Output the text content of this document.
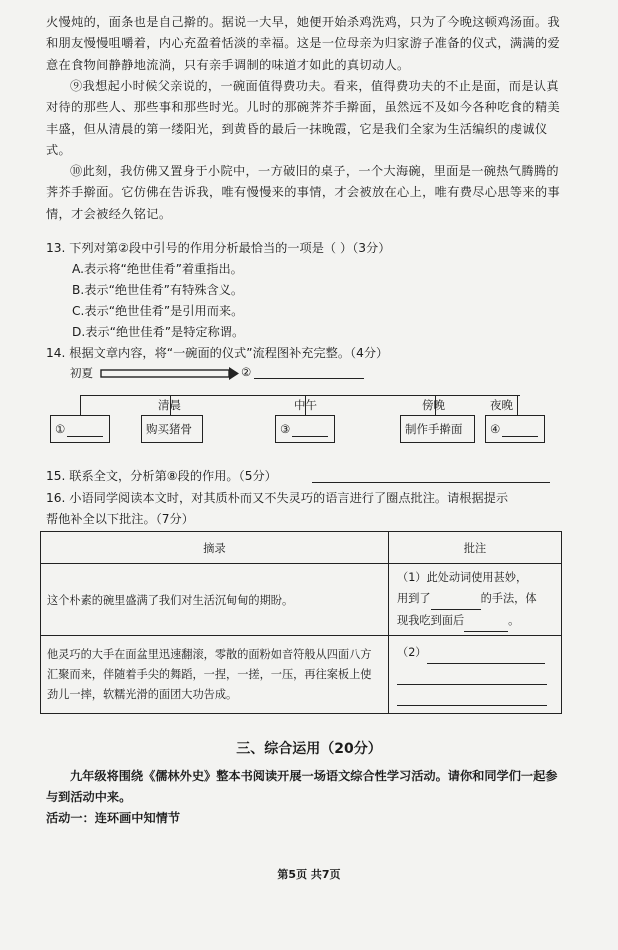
火慢炖的，面条也是自己擀的。据说一大早，她便开始杀鸡洗鸡，只为了今晚这顿鸡汤面。我和朋友慢慢咀嚼着，内心充盈着恬淡的幸福。这是一位母亲为归家游子准备的仪式，满满的爱意在食物间静静地流淌，只有亲手调制的味道才如此的真切动人。
⑨我想起小时候父亲说的，一碗面值得费功夫。看来，值得费功夫的不止是面，而是认真对待的那些人、那些事和那些时光。儿时的那碗荠芥手擀面，虽然远不及如今各种吃食的精美丰盛，但从清晨的第一缕阳光，到黄昏的最后一抹晚霞，它是我们全家为生活编织的虔诚仪式。
⑩此刻，我仿佛又置身于小院中，一方破旧的桌子，一个大海碗，里面是一碗热气腾腾的荠芥手擀面。它仿佛在告诉我，唯有慢慢来的事情，才会被放在心上，唯有费尽心思等来的事情，才会被经久铭记。
13. 下列对第②段中引号的作用分析最恰当的一项是（ ）（3分）
A.表示将“绝世佳肴”着重指出。
B.表示“绝世佳肴”有特殊含义。
C.表示“绝世佳肴”是引用而来。
D.表示“绝世佳肴”是特定称谓。
14. 根据文章内容，将“一碗面的仪式”流程图补充完整。（4分）
初夏	②
清晨	中午	傍晚	夜晚
①
	购买猪骨	③
	制作手擀面 ④

15. 联系全文，分析第⑧段的作用。（5分）
16. 小语同学阅读本文时，对其质朴而又不失灵巧的语言进行了圈点批注。请根据提示
帮他补全以下批注。（7分）
摘录	批注
这个朴素的碗里盛满了我们对生活沉甸甸的期盼。	（1）此处动词使用甚妙，
用到了 的手法，体
现我吃到面后 。

他灵巧的大手在面盆里迅速翻滚，零散的面粉如音符般从四面八方汇聚而来，伴随着手尖的舞蹈，一捏，一搓，一压，再往案板上使劲儿一摔，软糯光滑的面团大功告成。	（2）

三、综合运用（20分）
九年级将围绕《儒林外史》整本书阅读开展一场语文综合性学习活动。请你和同学们一起参与到活动中来。
活动一：连环画中知情节
第5页 共7页
